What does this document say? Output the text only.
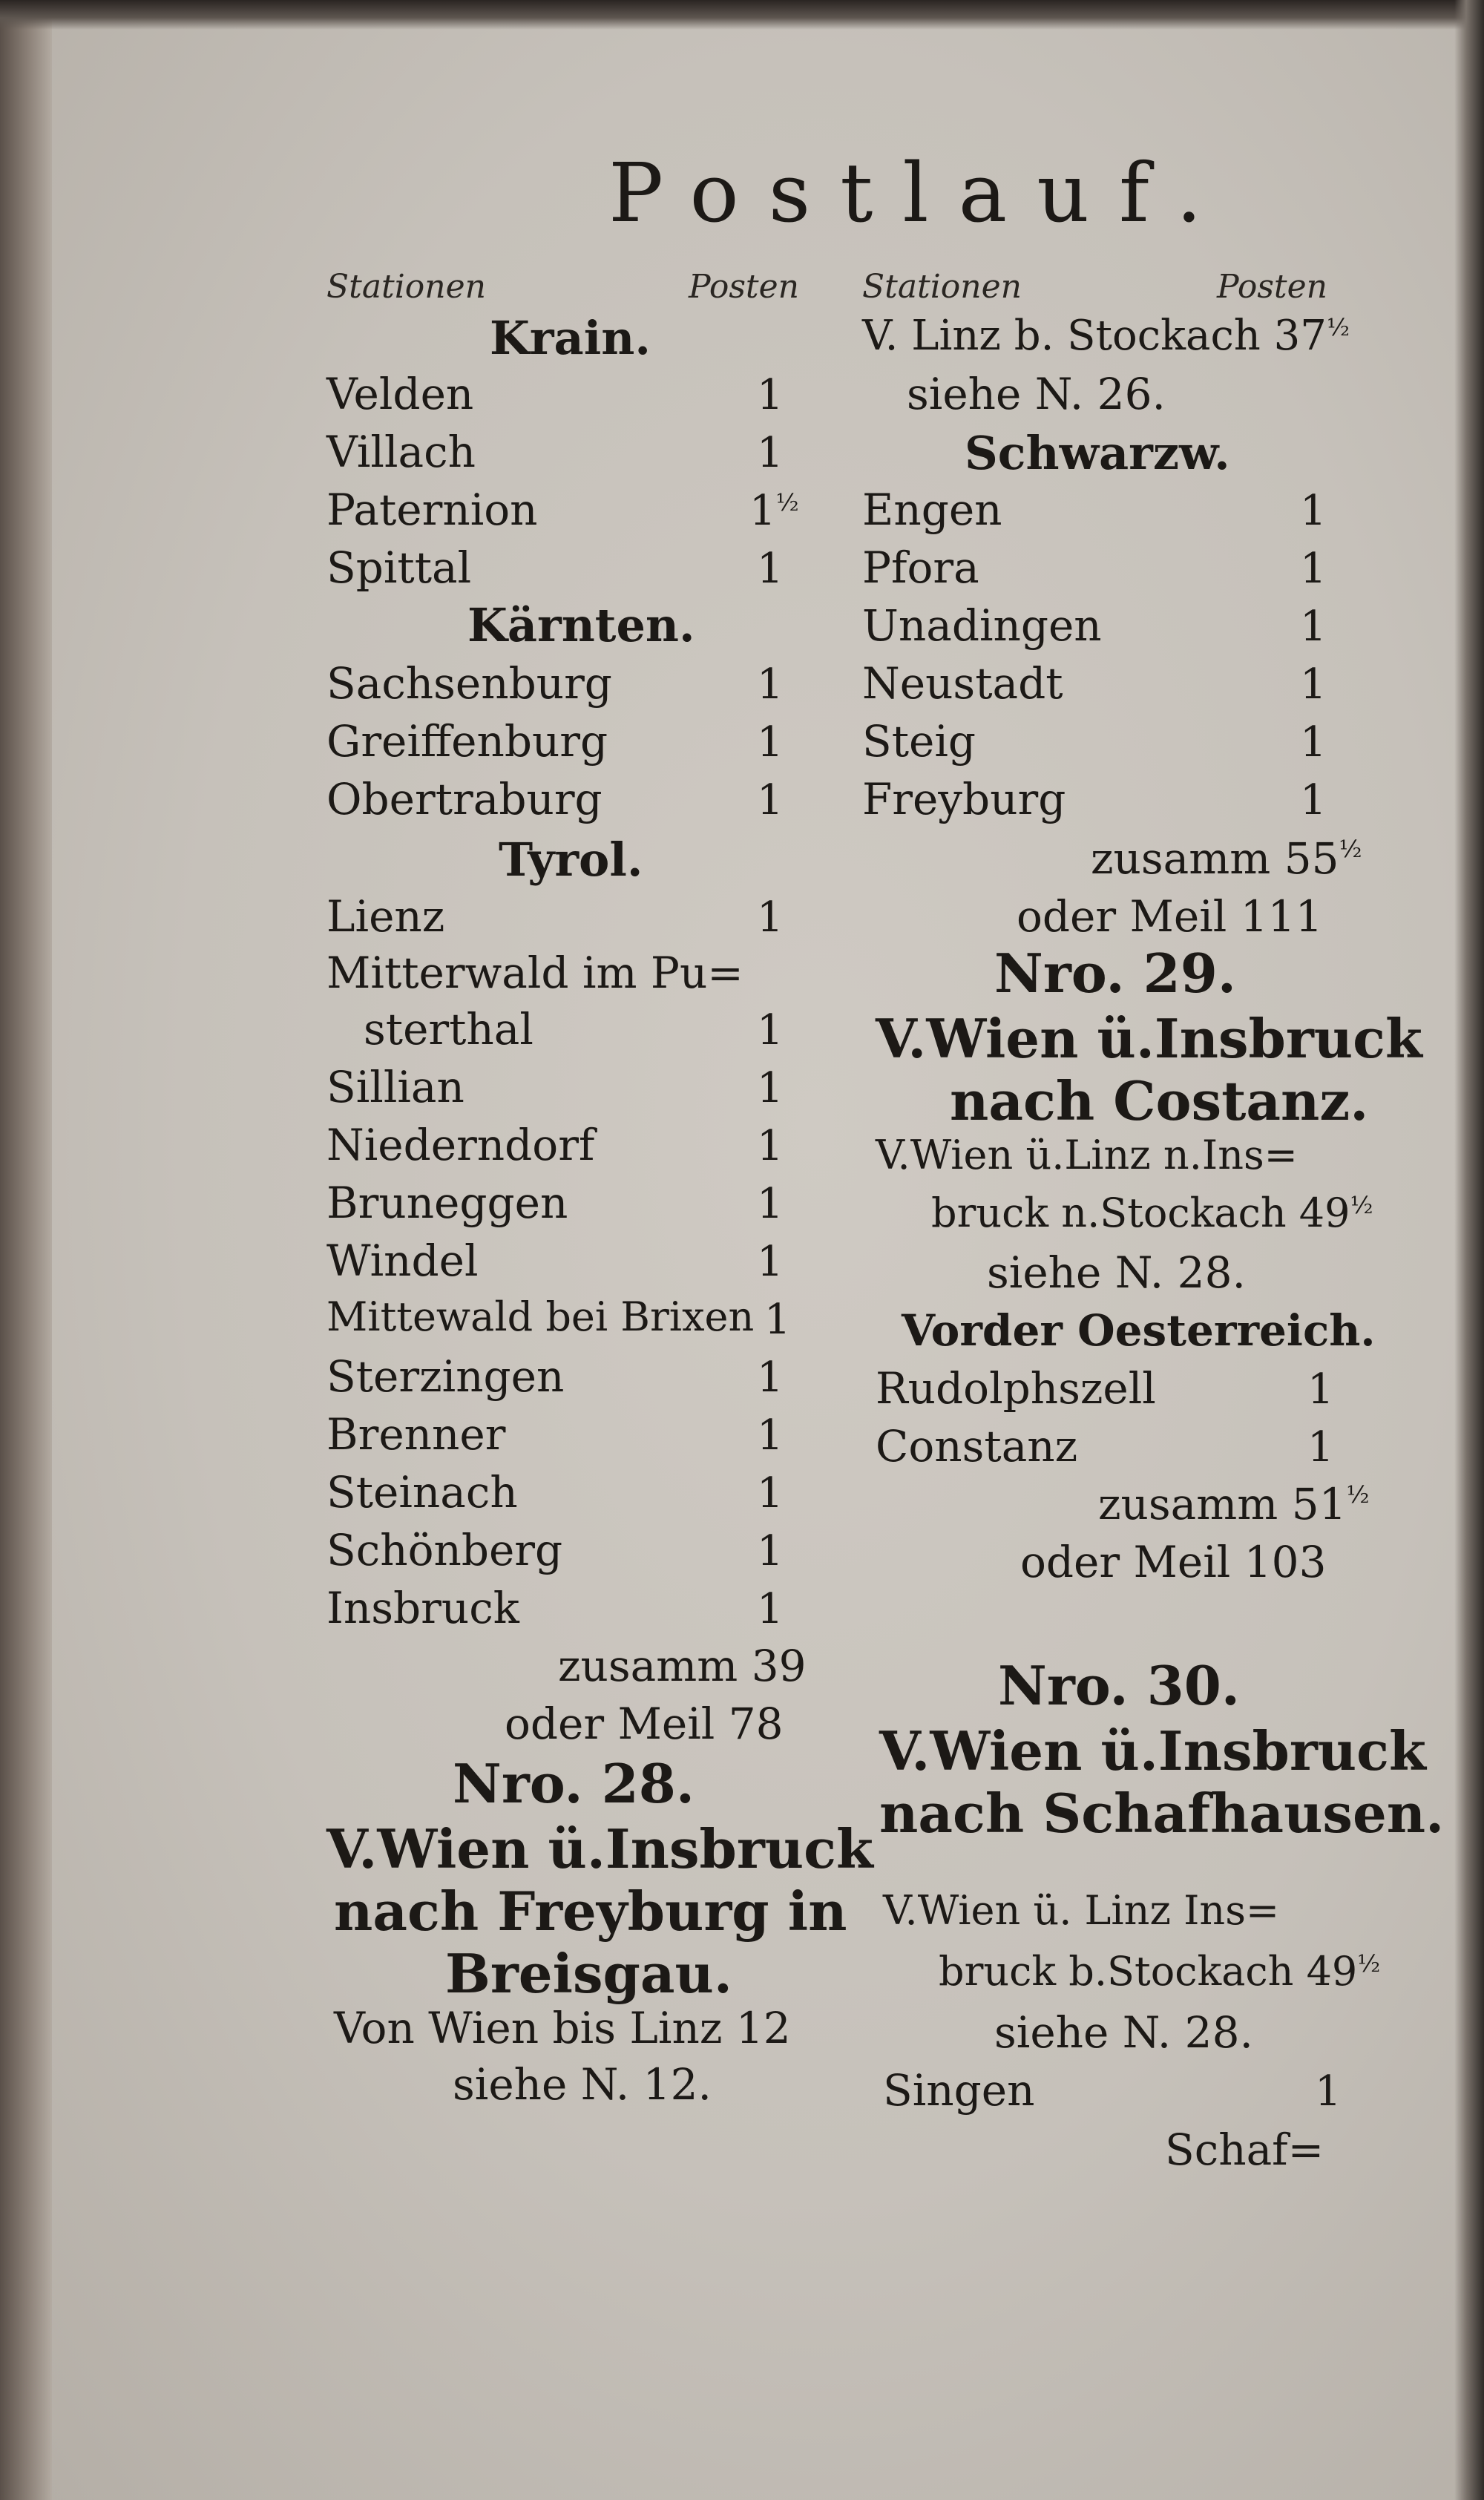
Postlauf.
Stationen	Posten
Krain.
Velden	1
Villach	1
Paternion	$1^{\frac{1}{2}}$
Spittal	1
Kärnten.
Sachsenburg	1
Greiffenburg	1
Obertraburg	1
Tyrol.
Lienz	1
Mitterwald im Pu=
sterthal	1
Sillian	1
Niederndorf	1
Bruneggen	1
Windel	1
Mittewald bei Brixen 1
Sterzingen	1
Brenner	1
Steinach	1
Schönberg	1
Insbruck	1
zusamm 39
oder Meil 78
Nro. 28.
V.Wien ü.Insbruck
nach Freyburg in
Breisgau.
Von Wien bis Linz 12
siehe N. 12.
Stationen	Posten
V. Linz b. Stockach $37^{\frac{1}{2}}$
siehe N. 26.
Schwarzw.
Engen	1
Pfora	1
Unadingen	1
Neustadt	1
Steig	1
Freyburg	1
zusamm $55^{\frac{1}{2}}$
oder Meil 111
Nro. 29.
V.Wien ü.Insbruck
nach Costanz.
V.Wien ü.Linz n.Ins=
bruck n.Stockach $49^{\frac{1}{2}}$
siehe N. 28.
Vorder Oesterreich.
Rudolphszell	1
Constanz	1
zusamm $51^{\frac{1}{2}}$
oder Meil 103
Nro. 30.
V.Wien ü.Insbruck
nach Schafhausen.
V.Wien ü. Linz Ins=
bruck b.Stockach $49^{\frac{1}{2}}$
siehe N. 28.
Singen	1
Schaf=
